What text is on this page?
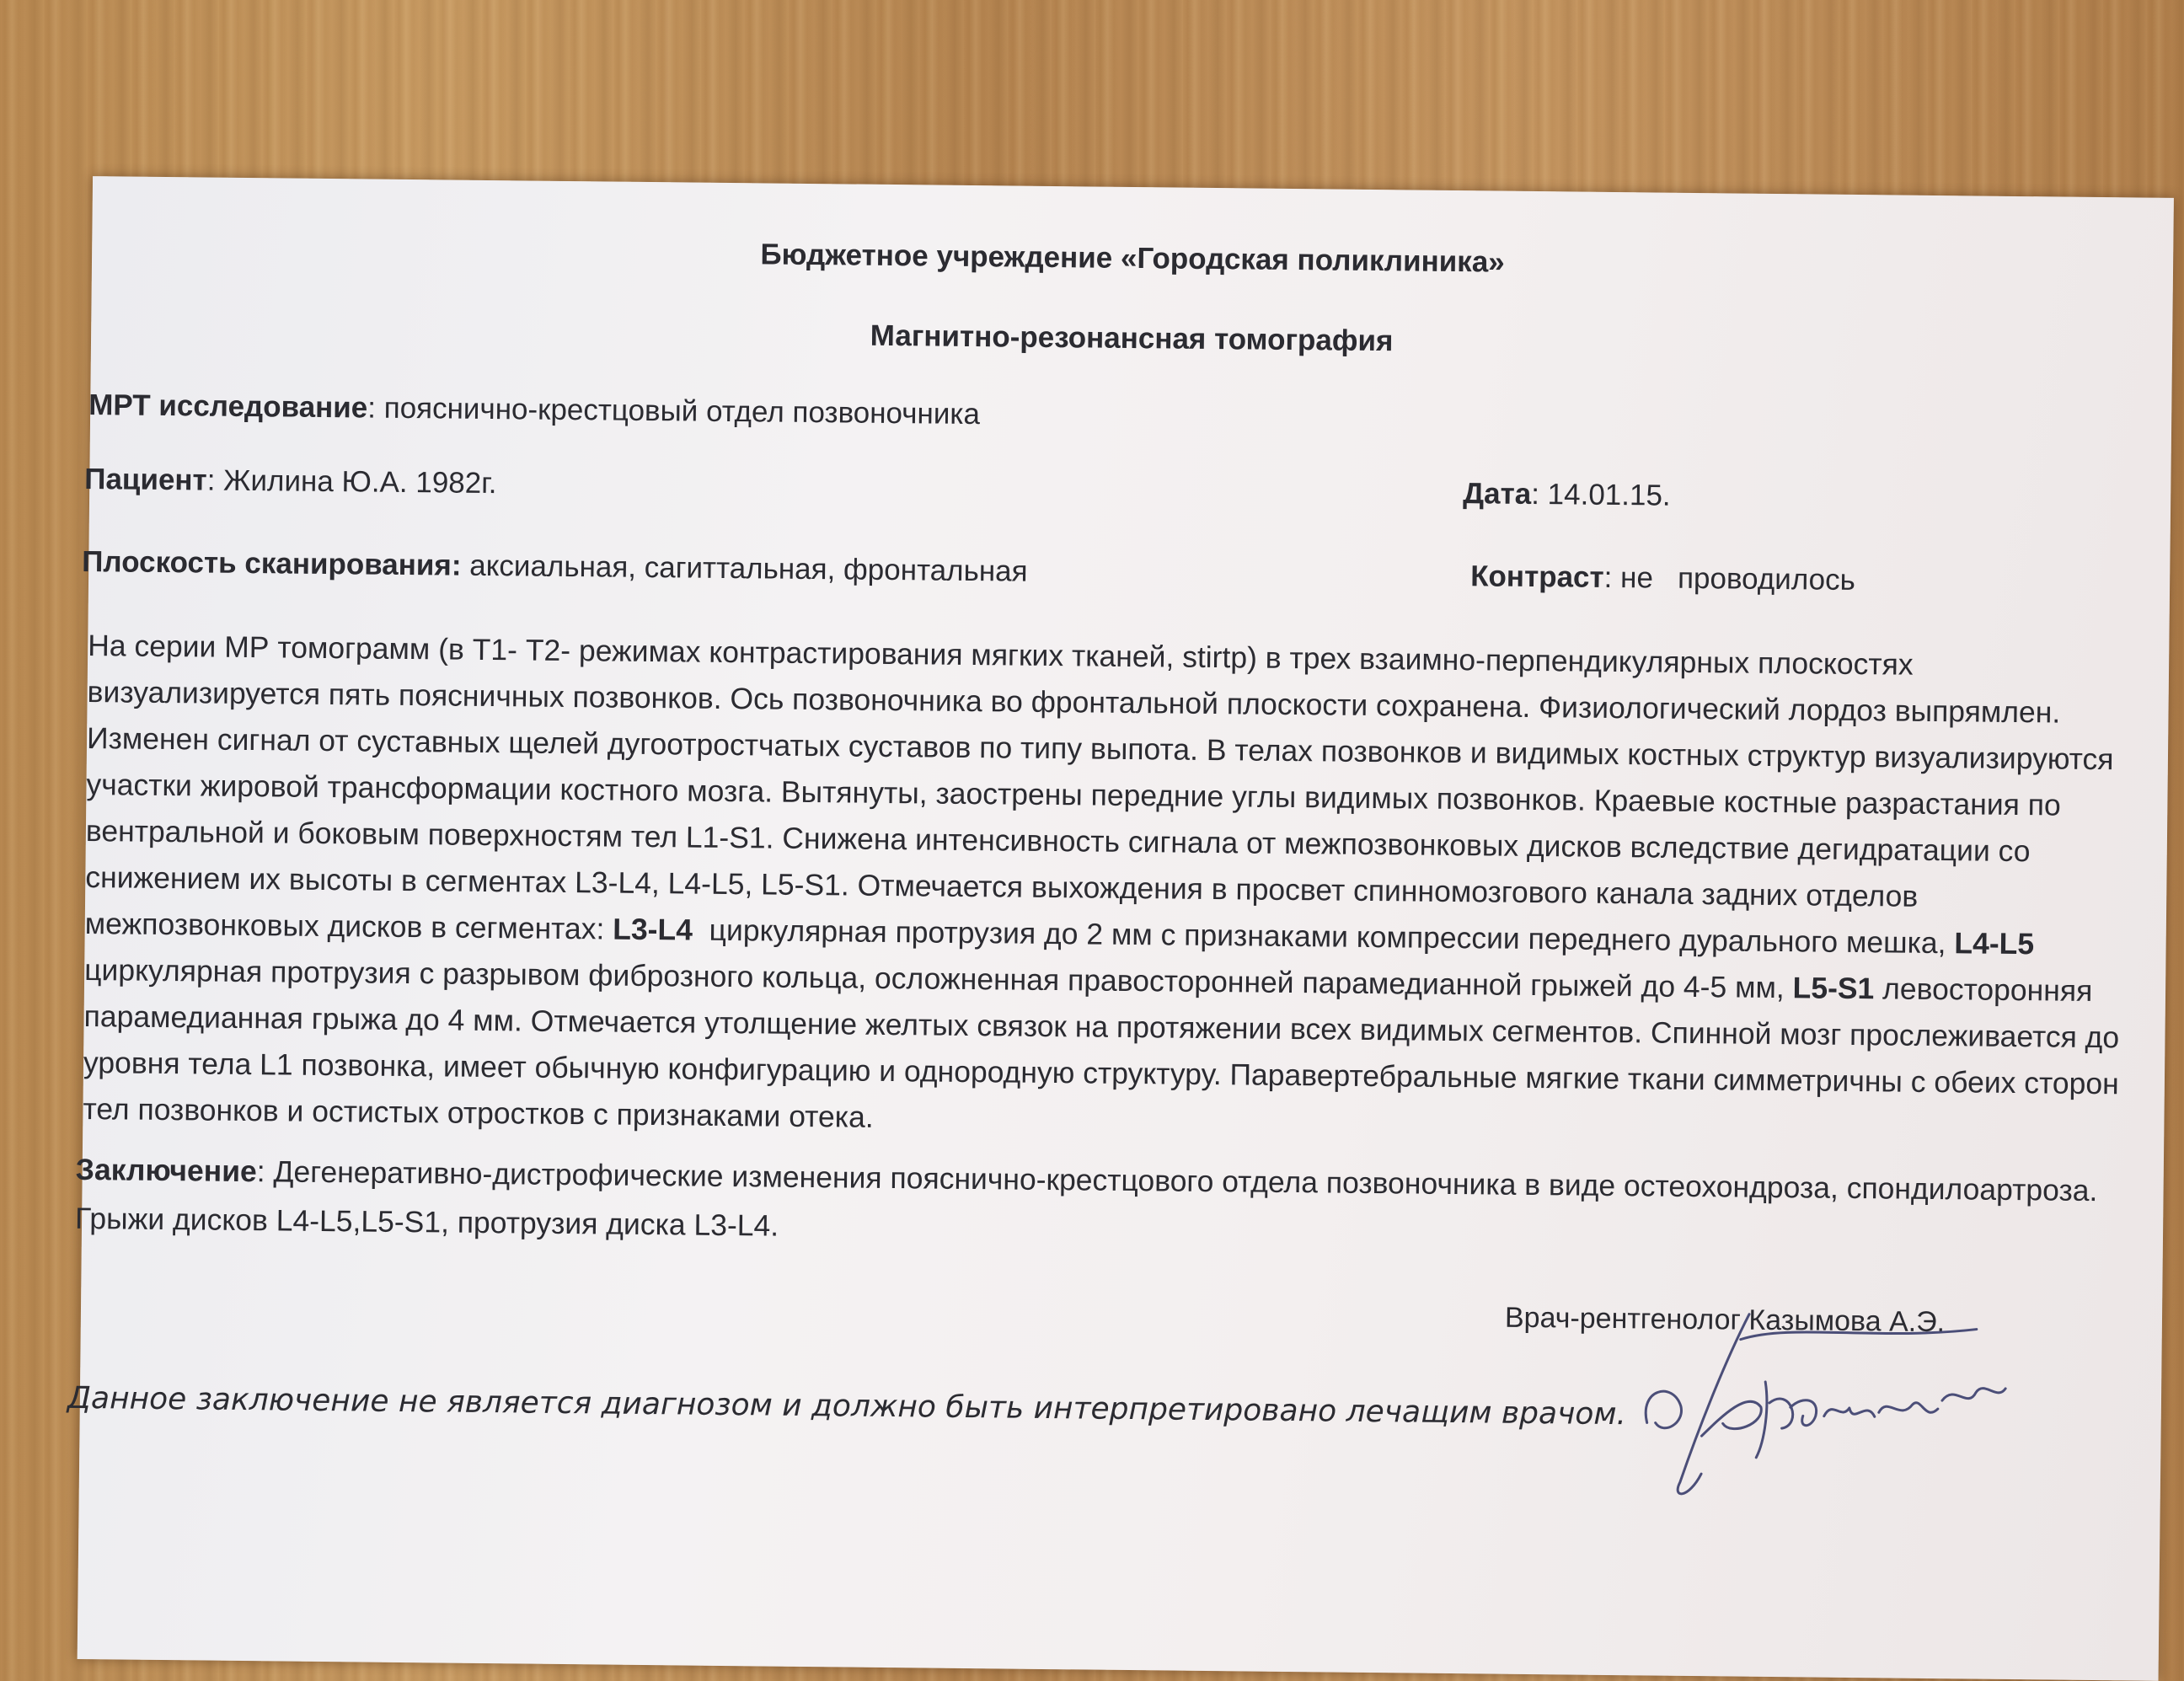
Бюджетное учреждение «Городская поликлиника»
Магнитно-резонансная томография
МРТ исследование: пояснично-крестцовый отдел позвоночника
Пациент: Жилина Ю.А. 1982г.	Дата: 14.01.15.
Плоскость сканирования: аксиальная, сагиттальная, фронтальная	Контраст: не   проводилось

На серии МР томограмм (в Т1- Т2- режимах контрастирования мягких тканей, stirtp) в трех взаимно-перпендикулярных плоскостях

визуализируется пять поясничных позвонков. Ось позвоночника во фронтальной плоскости сохранена. Физиологический лордоз выпрямлен.

Изменен сигнал от суставных щелей дугоотростчатых суставов по типу выпота. В телах позвонков и видимых костных структур визуализируются

участки жировой трансформации костного мозга. Вытянуты, заострены передние углы видимых позвонков. Краевые костные разрастания по

вентральной и боковым поверхностям тел L1-S1. Снижена интенсивность сигнала от межпозвонковых дисков вследствие дегидратации со

снижением их высоты в сегментах L3-L4, L4-L5, L5-S1. Отмечается выхождения в просвет спинномозгового канала задних отделов

межпозвонковых дисков в сегментах: L3-L4  циркулярная протрузия до 2 мм с признаками компрессии переднего дурального мешка, L4-L5

циркулярная протрузия с разрывом фиброзного кольца, осложненная правосторонней парамедианной грыжей до 4-5 мм, L5-S1 левосторонняя

парамедианная грыжа до 4 мм. Отмечается утолщение желтых связок на протяжении всех видимых сегментов. Спинной мозг прослеживается до

уровня тела L1 позвонка, имеет обычную конфигурацию и однородную структуру. Паравертебральные мягкие ткани симметричны с обеих сторон

тел позвонков и остистых отростков с признаками отека.

Заключение: Дегенеративно-дистрофические изменения пояснично-крестцового отдела позвоночника в виде остеохондроза, спондилоартроза.

Грыжи дисков L4-L5,L5-S1, протрузия диска L3-L4.

Врач-рентгенолог Казымова А.Э.
Данное заключение не является диагнозом и должно быть интерпретировано лечащим врачом.
